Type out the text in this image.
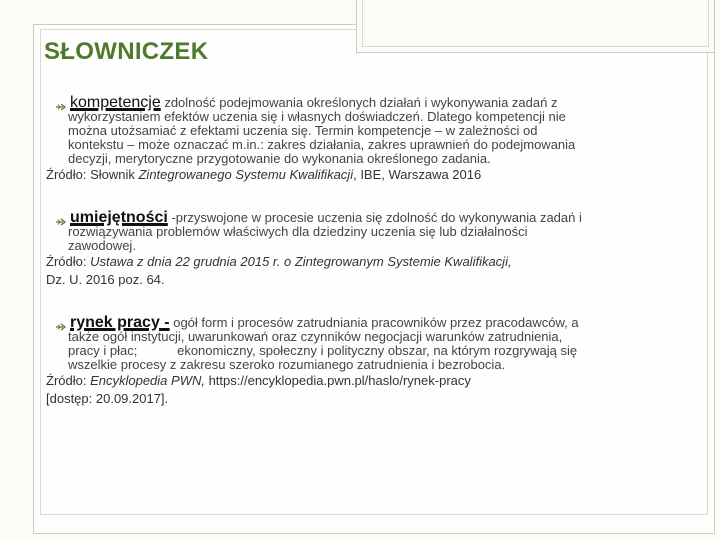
SŁOWNICZEK
kompetencje zdolność podejmowania określonych działań i wykonywania zadań z
wykorzystaniem efektów uczenia się i własnych doświadczeń. Dlatego kompetencji nie
można utożsamiać z efektami uczenia się. Termin kompetencje – w zależności od
kontekstu – może oznaczać m.in.: zakres działania, zakres uprawnień do podejmowania
decyzji, merytoryczne przygotowanie do wykonania określonego zadania.
Źródło: Słownik Zintegrowanego Systemu Kwalifikacji, IBE, Warszawa 2016
umiejętności -przyswojone w procesie uczenia się zdolność do wykonywania zadań i
rozwiązywania problemów właściwych dla dziedziny uczenia się lub działalności
zawodowej.
Źródło: Ustawa z dnia 22 grudnia 2015 r. o Zintegrowanym Systemie Kwalifikacji,
Dz. U. 2016 poz. 64.
rynek pracy - ogół form i procesów zatrudniania pracowników przez pracodawców, a
także ogół instytucji, uwarunkowań oraz czynników negocjacji warunków zatrudnienia,
pracy i płac;           ekonomiczny, społeczny i polityczny obszar, na którym rozgrywają się
wszelkie procesy z zakresu szeroko rozumianego zatrudnienia i bezrobocia.
Źródło: Encyklopedia PWN, https://encyklopedia.pwn.pl/haslo/rynek-pracy
[dostęp: 20.09.2017].
